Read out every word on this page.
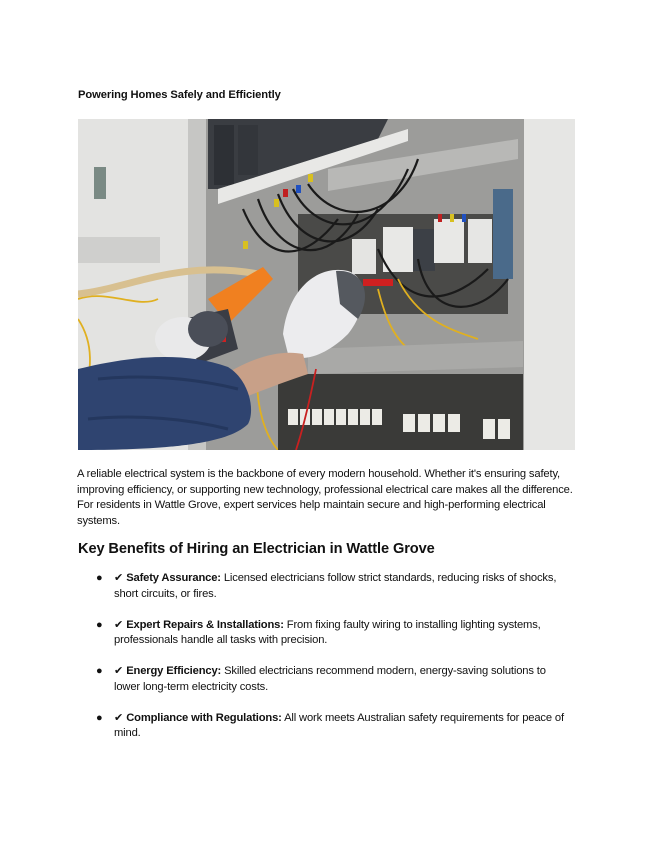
Powering Homes Safely and Efficiently
A reliable electrical system is the backbone of every modern household. Whether it's ensuring safety, improving efficiency, or supporting new technology, professional electrical care makes all the difference. For residents in Wattle Grove, expert services help maintain secure and high-performing electrical systems.
Key Benefits of Hiring an Electrician in Wattle Grove
● ✔ Safety Assurance: Licensed electricians follow strict standards, reducing risks of shocks, short circuits, or fires.
● ✔ Expert Repairs & Installations: From fixing faulty wiring to installing lighting systems, professionals handle all tasks with precision.
● ✔ Energy Efficiency: Skilled electricians recommend modern, energy-saving solutions to lower long-term electricity costs.
● ✔ Compliance with Regulations: All work meets Australian safety requirements for peace of mind.
